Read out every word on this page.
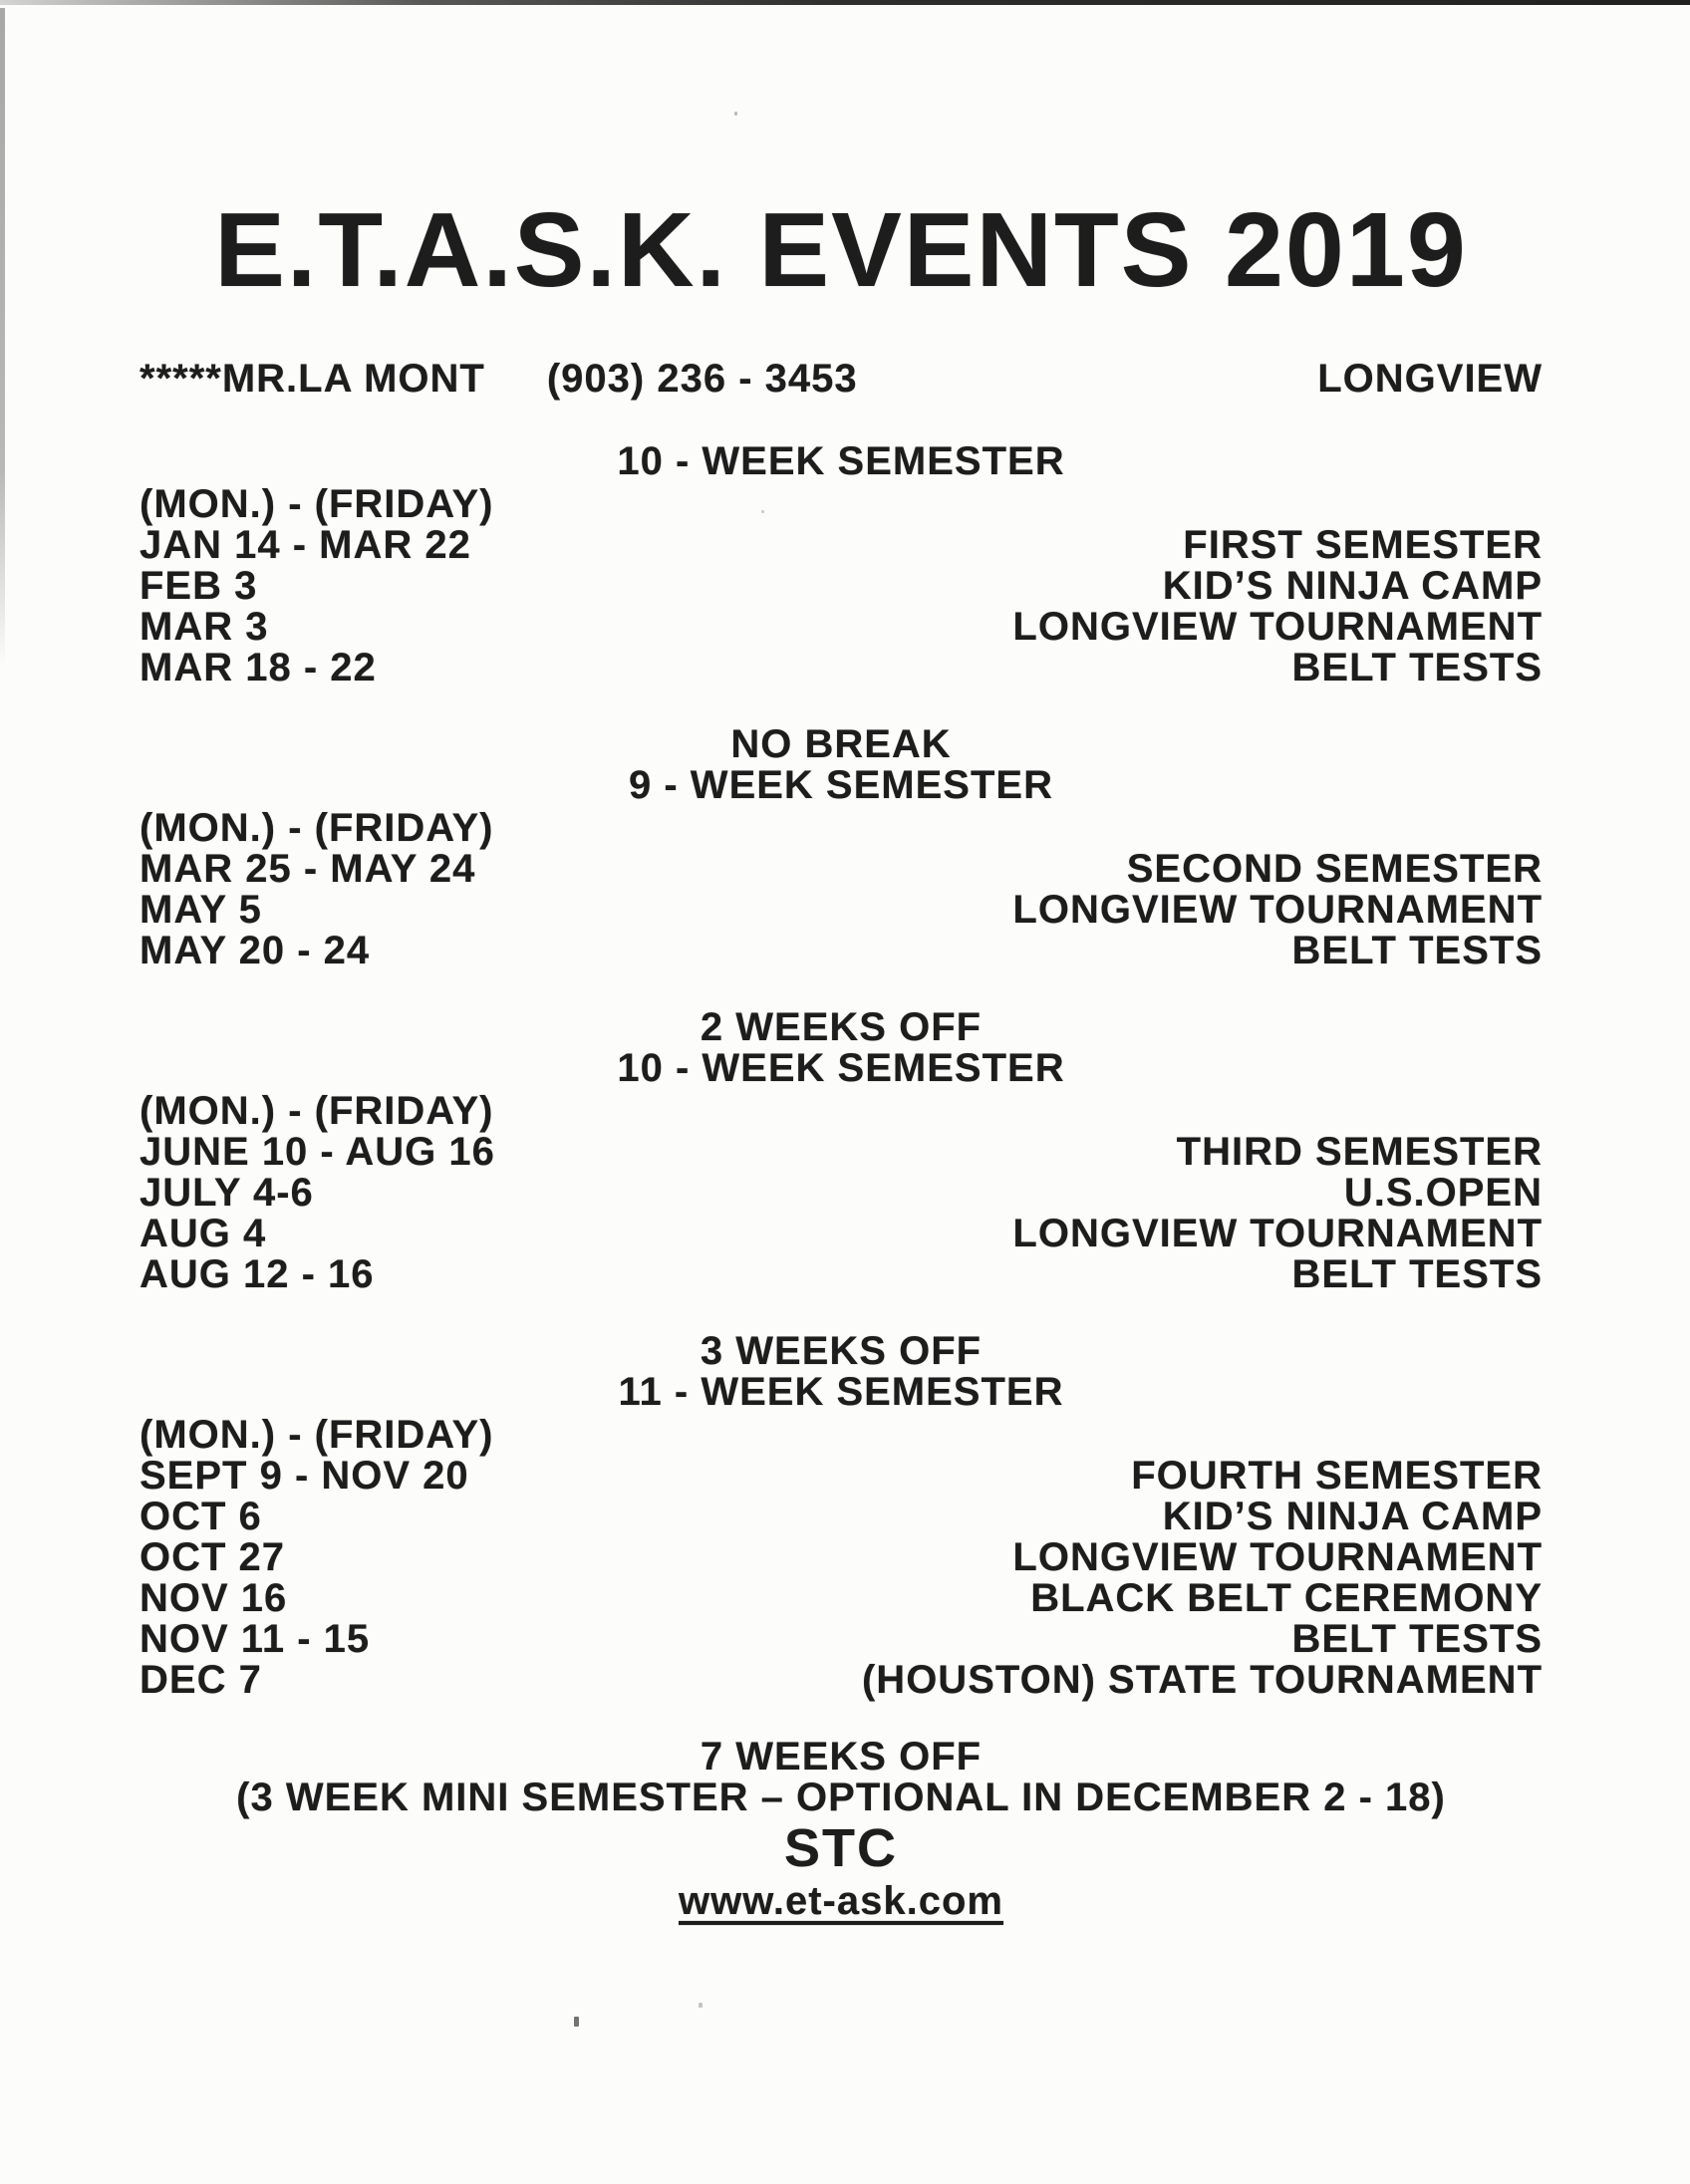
E.T.A.S.K. EVENTS 2019
*****MR.LA MONT (903) 236 - 3453	LONGVIEW
10 - WEEK SEMESTER
(MON.) - (FRIDAY)
JAN 14 - MAR 22	FIRST SEMESTER
FEB 3	KID’S NINJA CAMP
MAR 3	LONGVIEW TOURNAMENT
MAR 18 - 22	BELT TESTS
NO BREAK
9 - WEEK SEMESTER
(MON.) - (FRIDAY)
MAR 25 - MAY 24	SECOND SEMESTER
MAY 5	LONGVIEW TOURNAMENT
MAY 20 - 24	BELT TESTS
2 WEEKS OFF
10 - WEEK SEMESTER
(MON.) - (FRIDAY)
JUNE 10 - AUG 16	THIRD SEMESTER
JULY 4-6	U.S.OPEN
AUG 4	LONGVIEW TOURNAMENT
AUG 12 - 16	BELT TESTS
3 WEEKS OFF
11 - WEEK SEMESTER
(MON.) - (FRIDAY)
SEPT 9 - NOV 20	FOURTH SEMESTER
OCT 6	KID’S NINJA CAMP
OCT 27	LONGVIEW TOURNAMENT
NOV 16	BLACK BELT CEREMONY
NOV 11 - 15	BELT TESTS
DEC 7	(HOUSTON) STATE TOURNAMENT
7 WEEKS OFF
(3 WEEK MINI SEMESTER – OPTIONAL IN DECEMBER 2 - 18)
STC
www.et-ask.com
